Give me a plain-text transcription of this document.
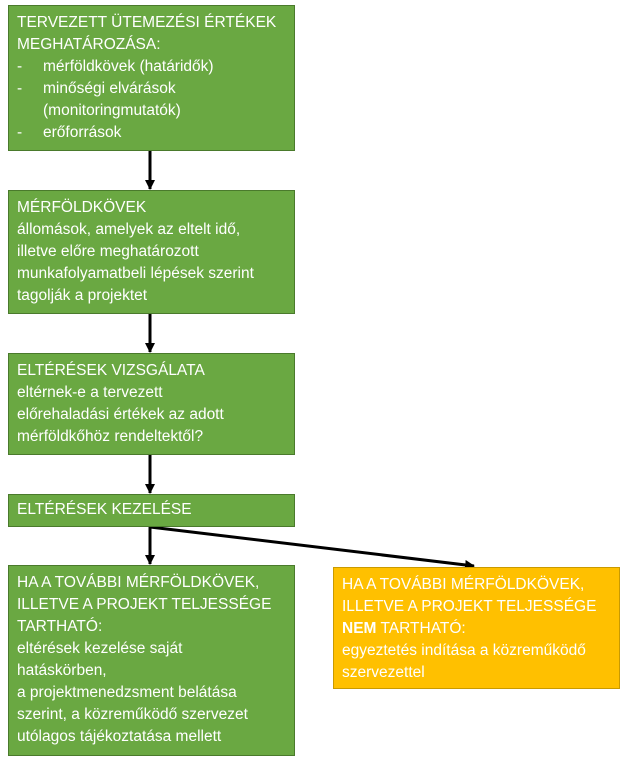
TERVEZETT ÜTEMEZÉSI ÉRTÉKEK
MEGHATÁROZÁSA:
- mérföldkövek (határidők)
- minőségi elvárások
(monitoringmutatók)
- erőforrások
MÉRFÖLDKÖVEK
állomások, amelyek az eltelt idő,
illetve előre meghatározott
munkafolyamatbeli lépések szerint
tagolják a projektet
ELTÉRÉSEK VIZSGÁLATA
eltérnek-e a tervezett
előrehaladási értékek az adott
mérföldkőhöz rendeltektől?
ELTÉRÉSEK KEZELÉSE
HA A TOVÁBBI MÉRFÖLDKÖVEK,
ILLETVE A PROJEKT TELJESSÉGE
TARTHATÓ:
eltérések kezelése saját
hatáskörben,
a projektmenedzsment belátása
szerint, a közreműködő szervezet
utólagos tájékoztatása mellett
HA A TOVÁBBI MÉRFÖLDKÖVEK,
ILLETVE A PROJEKT TELJESSÉGE
NEM TARTHATÓ:
egyeztetés indítása a közreműködő
szervezettel
